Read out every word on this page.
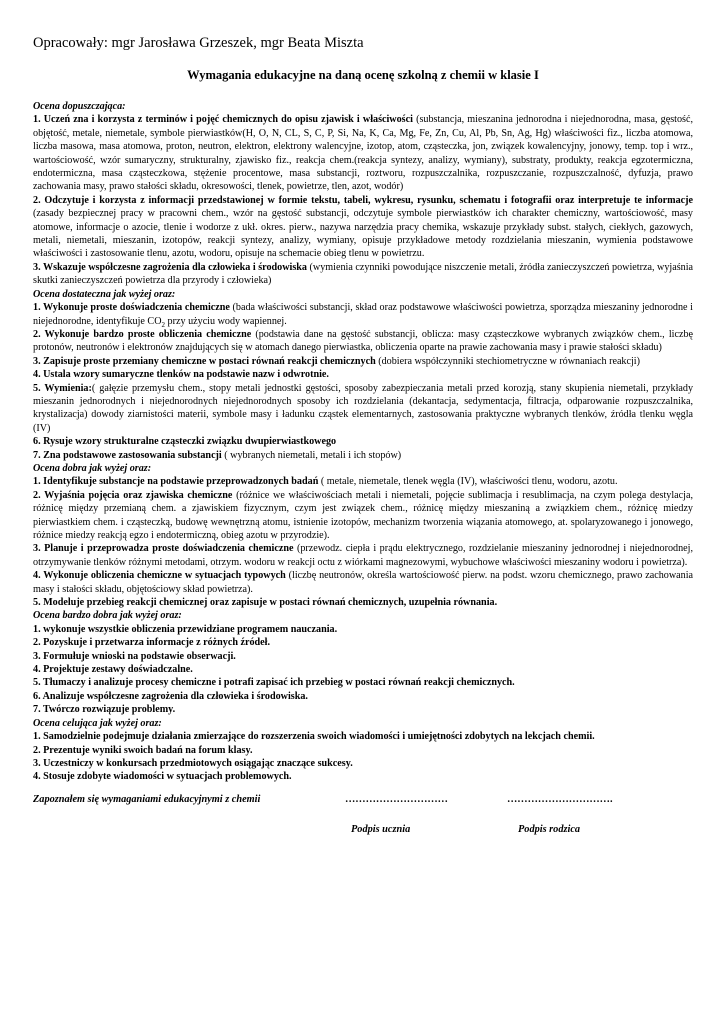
Opracowały: mgr Jarosława Grzeszek, mgr Beata Miszta

Wymagania edukacyjne na daną ocenę szkolną z chemii w klasie I

Ocena dopuszczająca:

1. Uczeń zna i korzysta z terminów i pojęć chemicznych do opisu zjawisk i właściwości (substancja, mieszanina jednorodna i niejednorodna, masa, gęstość, objętość, metale, niemetale, symbole pierwiastków(H, O, N, CL, S, C, P, Si, Na, K, Ca, Mg, Fe, Zn, Cu, Al, Pb, Sn, Ag, Hg) właściwości fiz., liczba atomowa, liczba masowa, masa atomowa, proton, neutron, elektron, elektrony walencyjne, izotop, atom, cząsteczka, jon, związek kowalencyjny, jonowy, temp. top i wrz., wartościowość, wzór sumaryczny, strukturalny, zjawisko fiz., reakcja chem.(reakcja syntezy, analizy, wymiany), substraty, produkty, reakcja egzotermiczna, endotermiczna, masa cząsteczkowa, stężenie procentowe, masa substancji, roztworu, rozpuszczalnika, rozpuszczanie, rozpuszczalność, dyfuzja, prawo zachowania masy, prawo stałości składu, okresowości, tlenek, powietrze, tlen, azot, wodór)

2. Odczytuje i korzysta z informacji przedstawionej w formie tekstu, tabeli, wykresu, rysunku, schematu i fotografii oraz interpretuje te informacje (zasady bezpiecznej pracy w pracowni chem., wzór na gęstość substancji, odczytuje symbole pierwiastków ich charakter chemiczny, wartościowość, masy atomowe, informacje o azocie, tlenie i wodorze z ukł. okres. pierw., nazywa narzędzia pracy chemika, wskazuje przykłady subst. stałych, ciekłych, gazowych, metali, niemetali, mieszanin, izotopów, reakcji syntezy, analizy, wymiany, opisuje przykładowe metody rozdzielania mieszanin, wymienia podstawowe właściwości i zastosowanie tlenu, azotu, wodoru, opisuje na schemacie obieg tlenu w powietrzu.

3. Wskazuje współczesne zagrożenia dla człowieka i środowiska (wymienia czynniki powodujące niszczenie metali, źródła zanieczyszczeń powietrza, wyjaśnia skutki zanieczyszczeń powietrza dla przyrody i człowieka)

Ocena dostateczna jak wyżej oraz:

1. Wykonuje proste doświadczenia chemiczne (bada właściwości substancji, skład oraz podstawowe właściwości powietrza, sporządza mieszaniny jednorodne i niejednorodne, identyfikuje $CO_2$ przy użyciu wody wapiennej.

2. Wykonuje bardzo proste obliczenia chemiczne (podstawia dane na gęstość substancji, oblicza: masy cząsteczkowe wybranych związków chem., liczbę protonów, neutronów i elektronów znajdujących się w atomach danego pierwiastka, obliczenia oparte na prawie zachowania masy i prawie stałości składu)

3. Zapisuje proste przemiany chemiczne w postaci równań reakcji chemicznych (dobiera współczynniki stechiometryczne w równaniach reakcji)

4. Ustala wzory sumaryczne tlenków na podstawie nazw i odwrotnie.

5. Wymienia:( gałęzie przemysłu chem., stopy metali jednostki gęstości, sposoby zabezpieczania metali przed korozją, stany skupienia niemetali, przykłady mieszanin jednorodnych i niejednorodnych niejednorodnych sposoby ich rozdzielania (dekantacja, sedymentacja, filtracja, odparowanie rozpuszczalnika, krystalizacja) dowody ziarnistości materii, symbole masy i ładunku cząstek elementarnych, zastosowania praktyczne wybranych tlenków, źródła tlenku węgla (IV)

6. Rysuje wzory strukturalne cząsteczki związku dwupierwiastkowego

7. Zna podstawowe zastosowania substancji ( wybranych niemetali, metali i ich stopów)

Ocena dobra jak wyżej oraz:

1. Identyfikuje substancje na podstawie przeprowadzonych badań ( metale, niemetale, tlenek węgla (IV), właściwości tlenu, wodoru, azotu.

2. Wyjaśnia pojęcia oraz zjawiska chemiczne (różnice we właściwościach metali i niemetali, pojęcie sublimacja i resublimacja, na czym polega destylacja, różnicę między przemianą chem. a zjawiskiem fizycznym, czym jest związek chem., różnicę między mieszaniną a związkiem chem., różnicę miedzy pierwiastkiem chem. i cząsteczką, budowę wewnętrzną atomu, istnienie izotopów, mechanizm tworzenia wiązania atomowego, at. spolaryzowanego i jonowego, różnice miedzy reakcją egzo i endotermiczną, obieg azotu w przyrodzie).

3. Planuje i przeprowadza proste doświadczenia chemiczne (przewodz. ciepła i prądu elektrycznego, rozdzielanie mieszaniny jednorodnej i niejednorodnej, otrzymywanie tlenków różnymi metodami, otrzym. wodoru w reakcji octu z wiórkami magnezowymi, wybuchowe właściwości mieszaniny wodoru i powietrza).

4. Wykonuje obliczenia chemiczne w sytuacjach typowych (liczbę neutronów, określa wartościowość pierw. na podst. wzoru chemicznego, prawo zachowania masy i stałości składu, objętościowy skład powietrza).

5. Modeluje przebieg reakcji chemicznej oraz zapisuje w postaci równań chemicznych, uzupełnia równania.

Ocena bardzo dobra jak wyżej oraz:

1. wykonuje wszystkie obliczenia przewidziane programem nauczania.

2. Pozyskuje i przetwarza informacje z różnych źródeł.

3. Formułuje wnioski na podstawie obserwacji.

4. Projektuje zestawy doświadczalne.

5. Tłumaczy i analizuje procesy chemiczne i potrafi zapisać ich przebieg w postaci równań reakcji chemicznych.

6. Analizuje współczesne zagrożenia dla człowieka i środowiska.

7. Twórczo rozwiązuje problemy.

Ocena celująca jak wyżej oraz:

1. Samodzielnie podejmuje działania zmierzające do rozszerzenia swoich wiadomości i umiejętności zdobytych na lekcjach chemii.

2. Prezentuje wyniki swoich badań na forum klasy.

3. Uczestniczy w konkursach przedmiotowych osiągając znaczące sukcesy.

4. Stosuje zdobyte wiadomości w sytuacjach problemowych.

Zapoznałem się wymaganiami edukacyjnymi z chemii	…………………………	………………………….
Podpis ucznia	Podpis rodzica
